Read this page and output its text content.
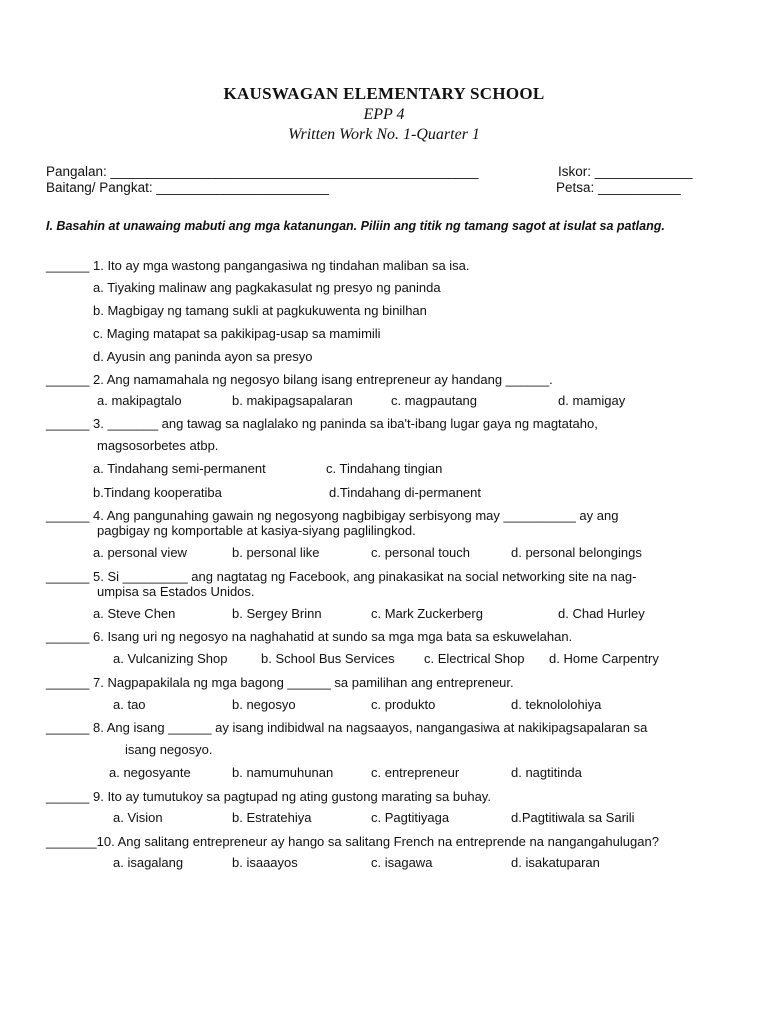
KAUSWAGAN ELEMENTARY SCHOOL
EPP 4
Written Work No. 1-Quarter 1
Pangalan: _________________________________________________	Iskor: _____________
Baitang/ Pangkat: _______________________	Petsa: ___________
I. Basahin at unawaing mabuti ang mga katanungan. Piliin ang titik ng tamang sagot at isulat sa patlang.
______ 1. Ito ay mga wastong pangangasiwa ng tindahan maliban sa isa.
a. Tiyaking malinaw ang pagkakasulat ng presyo ng paninda
b. Magbigay ng tamang sukli at pagkukuwenta ng binilhan
c. Maging matapat sa pakikipag-usap sa mamimili
d. Ayusin ang paninda ayon sa presyo
______ 2. Ang namamahala ng negosyo bilang isang entrepreneur ay handang ______.
a. makipagtalo	b. makipagsapalaran	c. magpautang	d. mamigay
______ 3. _______ ang tawag sa naglalako ng paninda sa iba't-ibang lugar gaya ng magtataho,
magsosorbetes atbp.
a. Tindahang semi-permanent	c. Tindahang tingian
b.Tindang kooperatiba	d.Tindahang di-permanent
______ 4. Ang pangunahing gawain ng negosyong nagbibigay serbisyong may __________ ay ang
pagbigay ng komportable at kasiya-siyang paglilingkod.
a. personal view	b. personal like	c. personal touch	d. personal belongings
______ 5. Si _________ ang nagtatag ng Facebook, ang pinakasikat na social networking site na nag-
umpisa sa Estados Unidos.
a. Steve Chen	b. Sergey Brinn	c. Mark Zuckerberg	d. Chad Hurley
______ 6. Isang uri ng negosyo na naghahatid at sundo sa mga mga bata sa eskuwelahan.
a. Vulcanizing Shop	b. School Bus Services c. Electrical Shop d. Home Carpentry
______ 7. Nagpapakilala ng mga bagong ______ sa pamilihan ang entrepreneur.
a. tao	b. negosyo	c. produkto	d. teknololohiya
______ 8. Ang isang ______ ay isang indibidwal na nagsaayos, nangangasiwa at nakikipagsapalaran sa
isang negosyo.
a. negosyante	b. namumuhunan	c. entrepreneur	d. nagtitinda
______ 9. Ito ay tumutukoy sa pagtupad ng ating gustong marating sa buhay.
a. Vision	b. Estratehiya	c. Pagtitiyaga	d.Pagtitiwala sa Sarili
_______10. Ang salitang entrepreneur ay hango sa salitang French na entreprende na nangangahulugan?
a. isagalang	b. isaaayos	c. isagawa	d. isakatuparan
